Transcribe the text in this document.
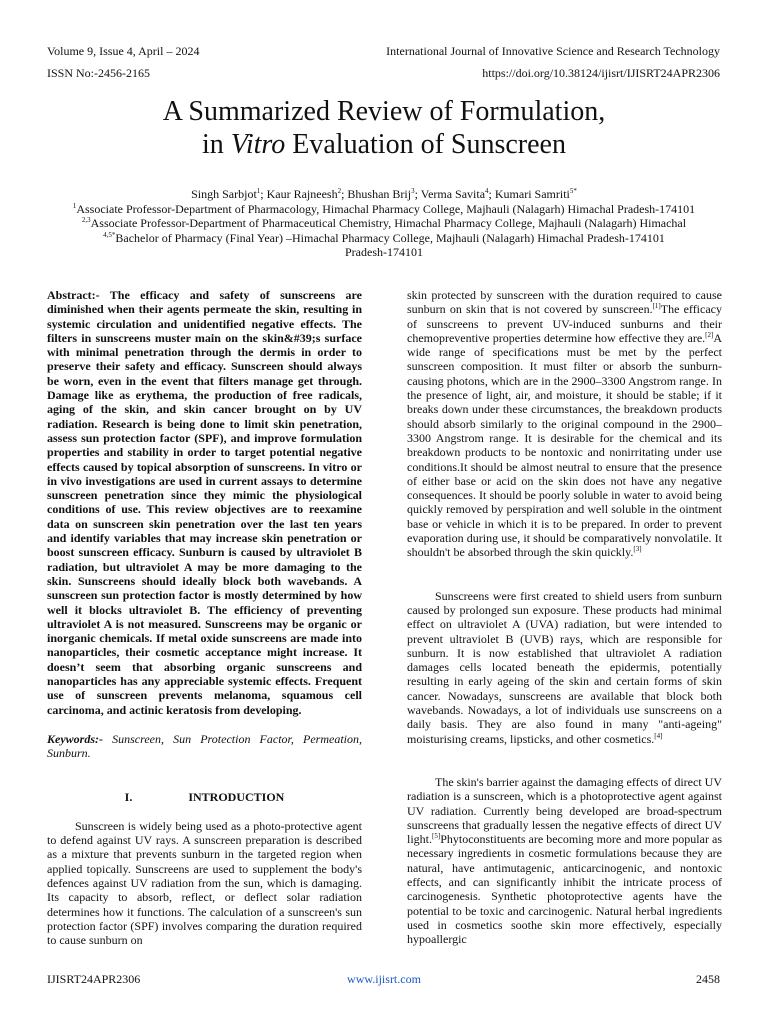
Volume 9, Issue 4, April – 2024
ISSN No:-2456-2165
International Journal of Innovative Science and Research Technology
https://doi.org/10.38124/ijisrt/IJISRT24APR2306
A Summarized Review of Formulation,
in Vitro Evaluation of Sunscreen
Singh Sarbjot$^1$; Kaur Rajneesh$^2$; Bhushan Brij$^3$; Verma Savita$^4$; Kumari Samriti$^{5*}$
$^1$Associate Professor-Department of Pharmacology, Himachal Pharmacy College, Majhauli (Nalagarh) Himachal Pradesh-174101
$^{2,3}$Associate Professor-Department of Pharmaceutical Chemistry, Himachal Pharmacy College, Majhauli (Nalagarh) Himachal
$^{4,5*}$Bachelor of Pharmacy (Final Year) –Himachal Pharmacy College, Majhauli (Nalagarh) Himachal Pradesh-174101
Pradesh-174101

Abstract:- The efficacy and safety of sunscreens are diminished when their agents permeate the skin, resulting in systemic circulation and unidentified negative effects. The filters in sunscreens muster main on the skin&#39;s surface with minimal penetration through the dermis in order to preserve their safety and efficacy. Sunscreen should always be worn, even in the event that filters manage get through. Damage like as erythema, the production of free radicals, aging of the skin, and skin cancer brought on by UV radiation. Research is being done to limit skin penetration, assess sun protection factor (SPF), and improve formulation properties and stability in order to target potential negative effects caused by topical absorption of sunscreens. In vitro or in vivo investigations are used in current assays to determine sunscreen penetration since they mimic the physiological conditions of use. This review objectives are to reexamine data on sunscreen skin penetration over the last ten years and identify variables that may increase skin penetration or boost sunscreen efficacy. Sunburn is caused by ultraviolet B radiation, but ultraviolet A may be more damaging to the skin. Sunscreens should ideally block both wavebands. A sunscreen sun protection factor is mostly determined by how well it blocks ultraviolet B. The efficiency of preventing ultraviolet A is not measured. Sunscreens may be organic or inorganic chemicals. If metal oxide sunscreens are made into nanoparticles, their cosmetic acceptance might increase. It doesn’t seem that absorbing organic sunscreens and nanoparticles has any appreciable systemic effects. Frequent use of sunscreen prevents melanoma, squamous cell carcinoma, and actinic keratosis from developing.

Keywords:- Sunscreen, Sun Protection Factor, Permeation, Sunburn.

I.	INTRODUCTION

Sunscreen is widely being used as a photo-protective agent to defend against UV rays. A sunscreen preparation is described as a mixture that prevents sunburn in the targeted region when applied topically. Sunscreens are used to supplement the body's defences against UV radiation from the sun, which is damaging. Its capacity to absorb, reflect, or deflect solar radiation determines how it functions. The calculation of a sunscreen's sun protection factor (SPF) involves comparing the duration required to cause sunburn on

skin protected by sunscreen with the duration required to cause sunburn on skin that is not covered by sunscreen.[1]The efficacy of sunscreens to prevent UV-induced sunburns and their chemopreventive properties determine how effective they are.[2]A wide range of specifications must be met by the perfect sunscreen composition. It must filter or absorb the sunburn-causing photons, which are in the 2900–3300 Angstrom range. In the presence of light, air, and moisture, it should be stable; if it breaks down under these circumstances, the breakdown products should absorb similarly to the original compound in the 2900–3300 Angstrom range. It is desirable for the chemical and its breakdown products to be nontoxic and nonirritating under use conditions.It should be almost neutral to ensure that the presence of either base or acid on the skin does not have any negative consequences. It should be poorly soluble in water to avoid being quickly removed by perspiration and well soluble in the ointment base or vehicle in which it is to be prepared. In order to prevent evaporation during use, it should be comparatively nonvolatile. It shouldn't be absorbed through the skin quickly.[3]

Sunscreens were first created to shield users from sunburn caused by prolonged sun exposure. These products had minimal effect on ultraviolet A (UVA) radiation, but were intended to prevent ultraviolet B (UVB) rays, which are responsible for sunburn. It is now established that ultraviolet A radiation damages cells located beneath the epidermis, potentially resulting in early ageing of the skin and certain forms of skin cancer. Nowadays, sunscreens are available that block both wavebands. Nowadays, a lot of individuals use sunscreens on a daily basis. They are also found in many "anti-ageing" moisturising creams, lipsticks, and other cosmetics.[4]

The skin's barrier against the damaging effects of direct UV radiation is a sunscreen, which is a photoprotective agent against UV radiation. Currently being developed are broad-spectrum sunscreens that gradually lessen the negative effects of direct UV light.[5]Phytoconstituents are becoming more and more popular as necessary ingredients in cosmetic formulations because they are natural, have antimutagenic, anticarcinogenic, and nontoxic effects, and can significantly inhibit the intricate process of carcinogenesis. Synthetic photoprotective agents have the potential to be toxic and carcinogenic. Natural herbal ingredients used in cosmetics soothe skin more effectively, especially hypoallergic

IJISRT24APR2306	www.ijisrt.com	2458
